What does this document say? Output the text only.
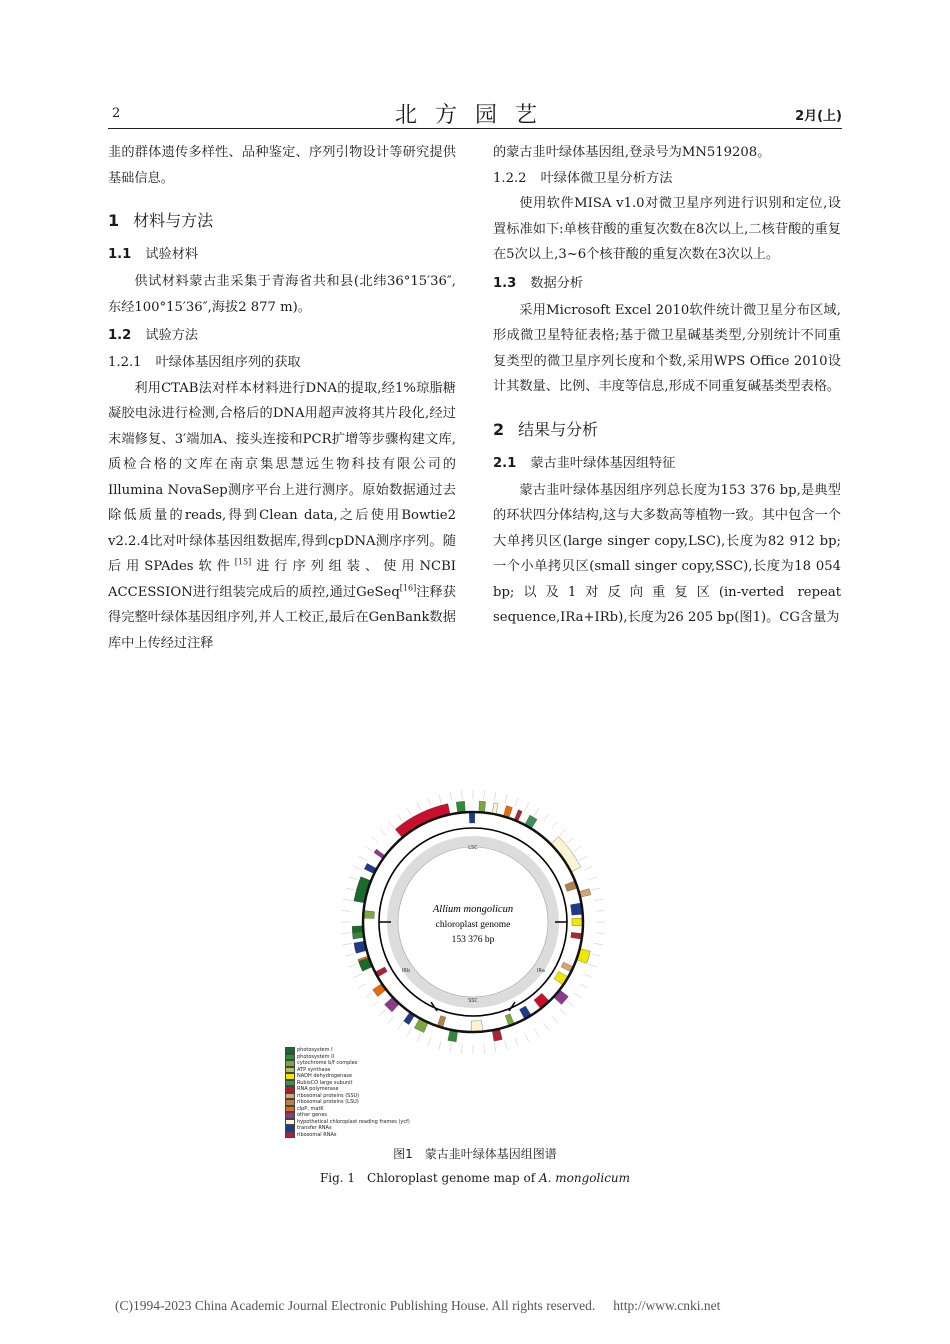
2	北方园艺	2月(上)

韭的群体遗传多样性、品种鉴定、序列引物设计等研究提供基础信息。

1 材料与方法
1.1 试验材料

供试材料蒙古韭采集于青海省共和县(北纬36°15′36″,东经100°15′36″,海拔2 877 m)。

1.2 试验方法
1.2.1 叶绿体基因组序列的获取

利用CTAB法对样本材料进行DNA的提取,经1%琼脂糖凝胶电泳进行检测,合格后的DNA用超声波将其片段化,经过末端修复、3′端加A、接头连接和PCR扩增等步骤构建文库,质检合格的文库在南京集思慧远生物科技有限公司的Illumina NovaSep测序平台上进行测序。原始数据通过去除低质量的reads,得到Clean data,之后使用Bowtie2 v2.2.4比对叶绿体基因组数据库,得到cpDNA测序序列。随后用SPAdes软件[15]进行序列组装、使用NCBI ACCESSION进行组装完成后的质控,通过GeSeq[16]注释获得完整叶绿体基因组序列,并人工校正,最后在GenBank数据库中上传经过注释

的蒙古韭叶绿体基因组,登录号为MN519208。

1.2.2 叶绿体微卫星分析方法

使用软件MISA v1.0对微卫星序列进行识别和定位,设置标准如下:单核苷酸的重复次数在8次以上,二核苷酸的重复在5次以上,3~6个核苷酸的重复次数在3次以上。

1.3 数据分析

采用Microsoft Excel 2010软件统计微卫星分布区域,形成微卫星特征表格;基于微卫星碱基类型,分别统计不同重复类型的微卫星序列长度和个数,采用WPS Office 2010设计其数量、比例、丰度等信息,形成不同重复碱基类型表格。

2 结果与分析
2.1 蒙古韭叶绿体基因组特征

蒙古韭叶绿体基因组序列总长度为153 376 bp,是典型的环状四分体结构,这与大多数高等植物一致。其中包含一个大单拷贝区(large singer copy,LSC),长度为82 912 bp;一个小单拷贝区(small singer copy,SSC),长度为18 054 bp;以及1对反向重复区(in-verted repeat sequence,IRa+IRb),长度为26 205 bp(图1)。CG含量为

Allium mongolicun
chloroplast genome
153 376 bp
LSC
SSC
IRb	IRa
photosystem I
photosystem II
cytochrome b/f complex
ATP synthase
NADH dehydrogenase
RubisCO large subunit
RNA polymerase
ribosomal proteins (SSU)
ribosomal proteins (LSU)
clpP, matK
other genes
hypothetical chloroplast reading frames (ycf)
transfer RNAs
ribosomal RNAs
图1　蒙古韭叶绿体基因组图谱
Fig. 1　Chloroplast genome map of A. mongolicum
(C)1994-2023 China Academic Journal Electronic Publishing House. All rights reserved. http://www.cnki.net
